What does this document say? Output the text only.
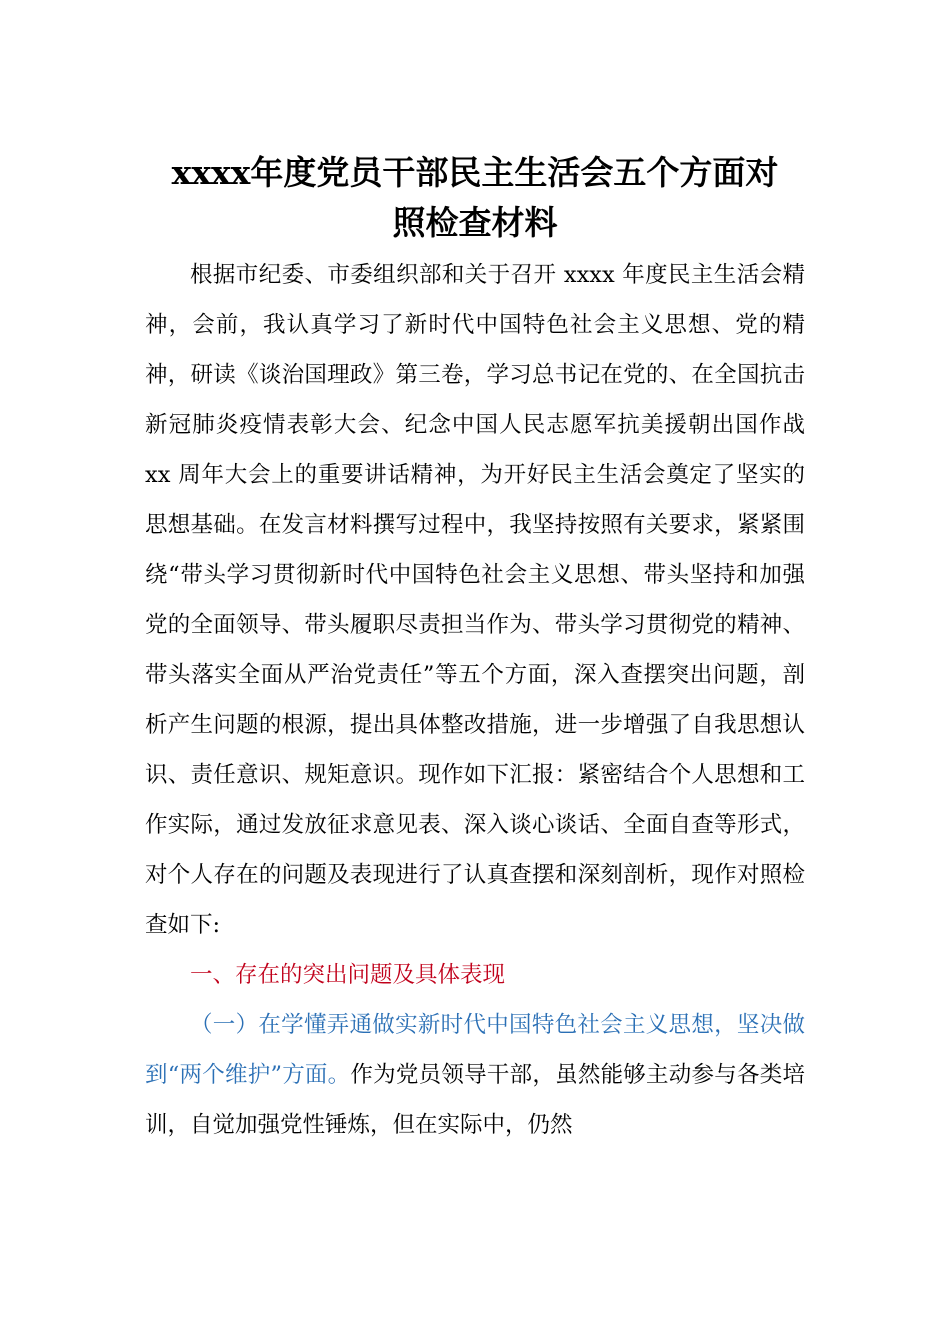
xxxx年度党员干部民主生活会五个方面对
照检查材料

根据市纪委、市委组织部和关于召开 xxxx 年度民主生活会精神，会前，我认真学习了新时代中国特色社会主义思想、党的精神，研读《谈治国理政》第三卷，学习总书记在党的、在全国抗击新冠肺炎疫情表彰大会、纪念中国人民志愿军抗美援朝出国作战 xx 周年大会上的重要讲话精神，为开好民主生活会奠定了坚实的思想基础。在发言材料撰写过程中，我坚持按照有关要求，紧紧围绕“带头学习贯彻新时代中国特色社会主义思想、带头坚持和加强党的全面领导、带头履职尽责担当作为、带头学习贯彻党的精神、带头落实全面从严治党责任”等五个方面，深入查摆突出问题，剖析产生问题的根源，提出具体整改措施，进一步增强了自我思想认识、责任意识、规矩意识。现作如下汇报：紧密结合个人思想和工作实际，通过发放征求意见表、深入谈心谈话、全面自查等形式，对个人存在的问题及表现进行了认真查摆和深刻剖析，现作对照检查如下:

一、存在的突出问题及具体表现

（一）在学懂弄通做实新时代中国特色社会主义思想，坚决做到“两个维护”方面。作为党员领导干部，虽然能够主动参与各类培训，自觉加强党性锤炼，但在实际中，仍然
